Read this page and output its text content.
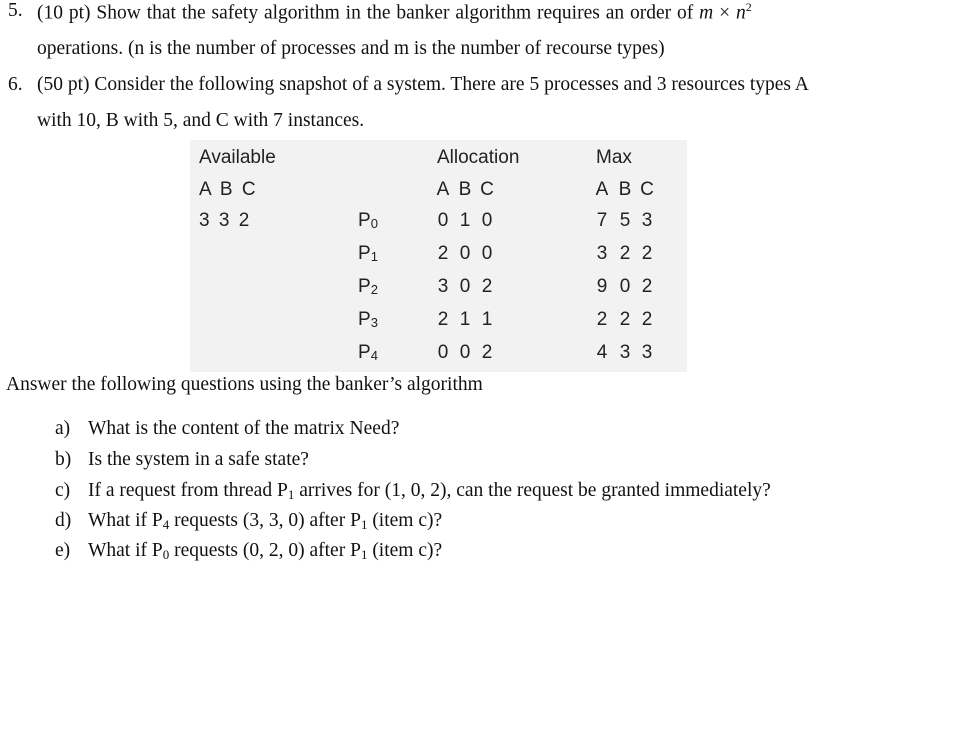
5. (10 pt) Show that the safety algorithm in the banker algorithm requires an order of $m \times n^2$
operations. (n is the number of processes and m is the number of recourse types)
6. (50 pt) Consider the following snapshot of a system. There are 5 processes and 3 resources types A
with 10, B with 5, and C with 7 instances.
Available
A B C
3 3 2
Allocation	Max
A B C	A B C
P0
P1
P2
P3
P4
0 1 0
2 0 0
3 0 2
2 1 1
0 0 2
7 5 3
3 2 2
9 0 2
2 2 2
4 3 3
Answer the following questions using the banker’s algorithm
a) What is the content of the matrix Need?
b) Is the system in a safe state?
c) If a request from thread $P_1$ arrives for (1, 0, 2), can the request be granted immediately?
d) What if $P_4$ requests (3, 3, 0) after $P_1$ (item c)?
e) What if $P_0$ requests (0, 2, 0) after $P_1$ (item c)?
